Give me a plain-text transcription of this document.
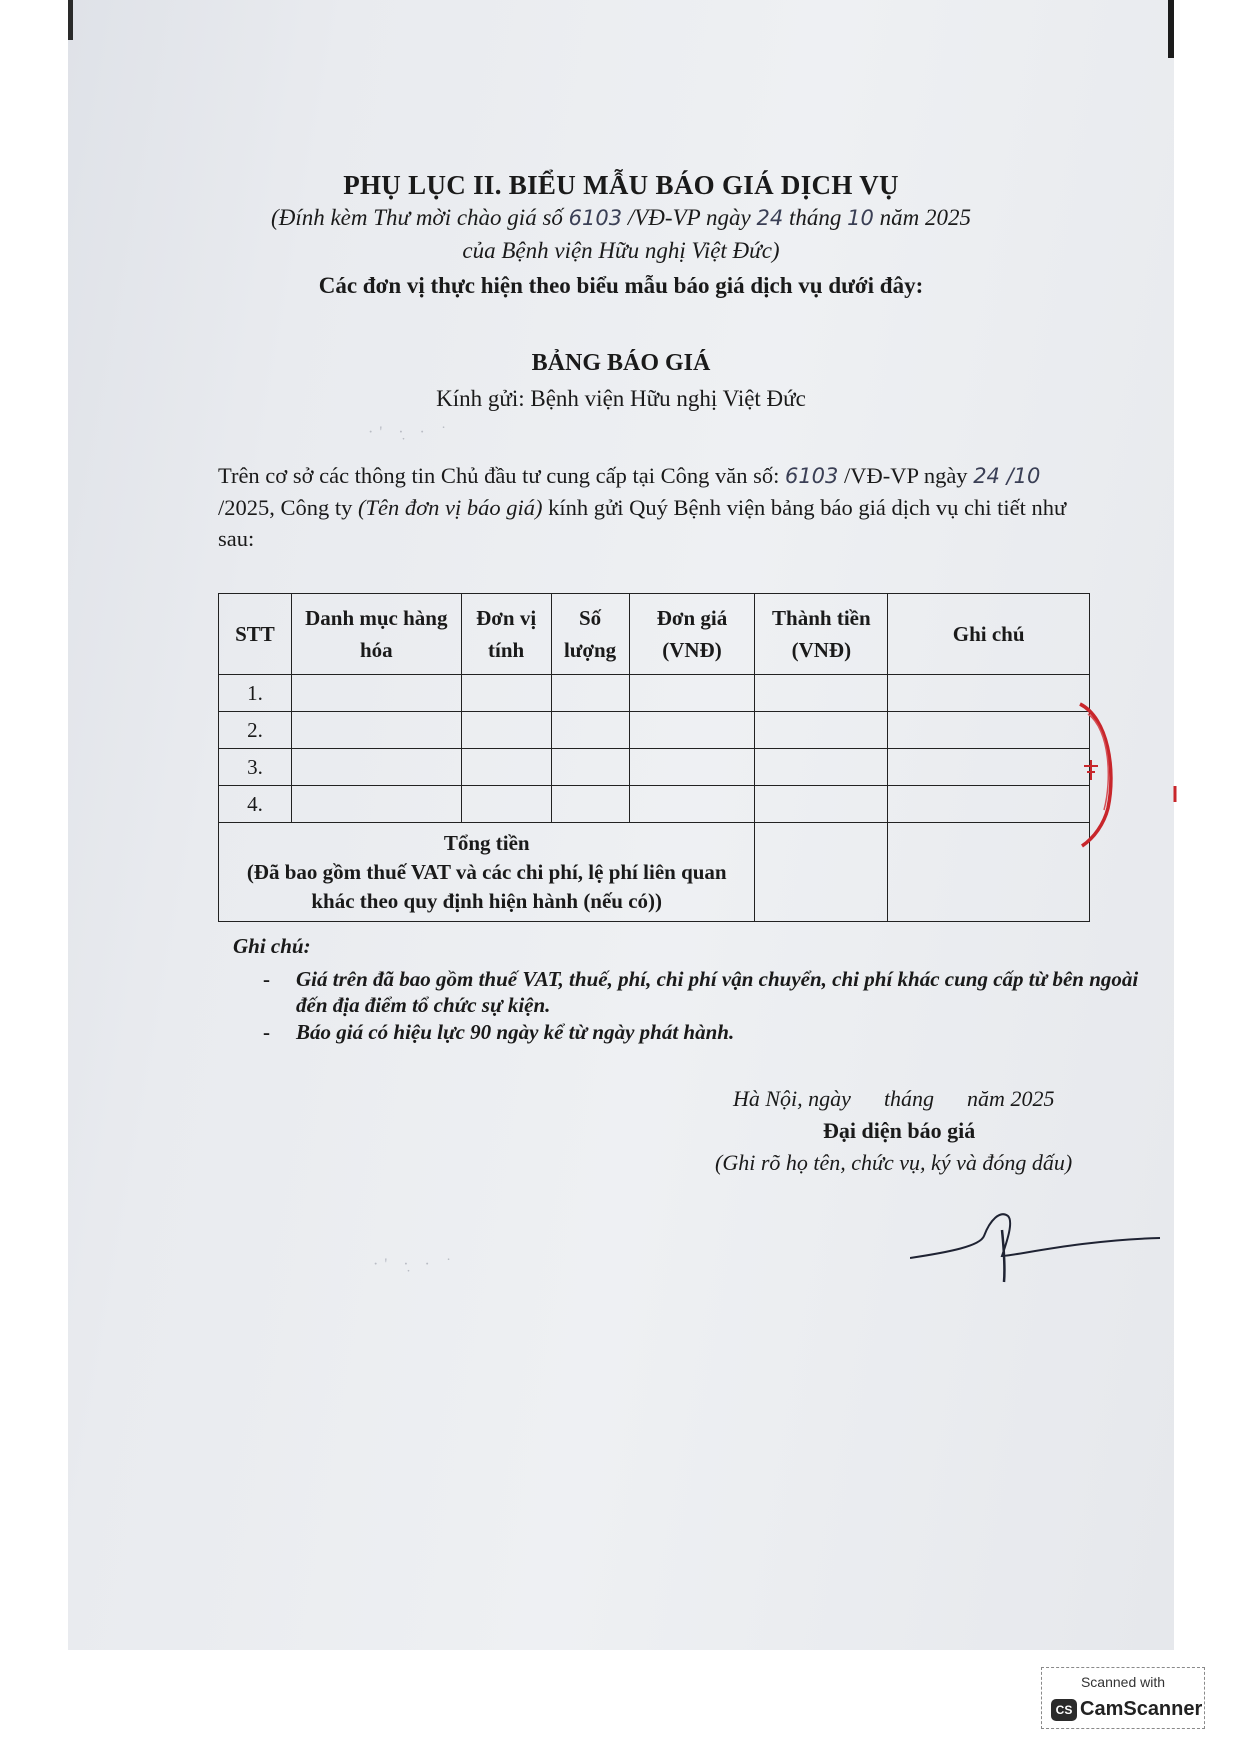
PHỤ LỤC II. BIỂU MẪU BÁO GIÁ DỊCH VỤ
(Đính kèm Thư mời chào giá số 6103 /VĐ-VP ngày 24 tháng 10 năm 2025
của Bệnh viện Hữu nghị Việt Đức)
Các đơn vị thực hiện theo biểu mẫu báo giá dịch vụ dưới đây:
BẢNG BÁO GIÁ
Kính gửi: Bệnh viện Hữu nghị Việt Đức
·' ·̣ · ˙
Trên cơ sở các thông tin Chủ đầu tư cung cấp tại Công văn số: 6103 /VĐ-VP ngày 24 /10
/2025, Công ty (Tên đơn vị báo giá) kính gửi Quý Bệnh viện bảng báo giá dịch vụ chi tiết như sau:
STT	Danh mục hàng hóa	Đơn vị tính	Số lượng	Đơn giá (VNĐ)	Thành tiền (VNĐ)	Ghi chú
1.						
2.						
3.						
4.						

Tổng tiền
(Đã bao gồm thuế VAT và các chi phí, lệ phí liên quan khác theo quy định hiện hành (nếu có))						

Ghi chú:
- Giá trên đã bao gồm thuế VAT, thuế, phí, chi phí vận chuyển, chi phí khác cung cấp từ bên ngoài đến địa điểm tổ chức sự kiện.
- Báo giá có hiệu lực 90 ngày kể từ ngày phát hành.
Hà Nội, ngày      tháng      năm 2025
Đại diện báo giá
(Ghi rõ họ tên, chức vụ, ký và đóng dấu)
·' ·̣ · ˙
Scanned with
CS CamScanner
